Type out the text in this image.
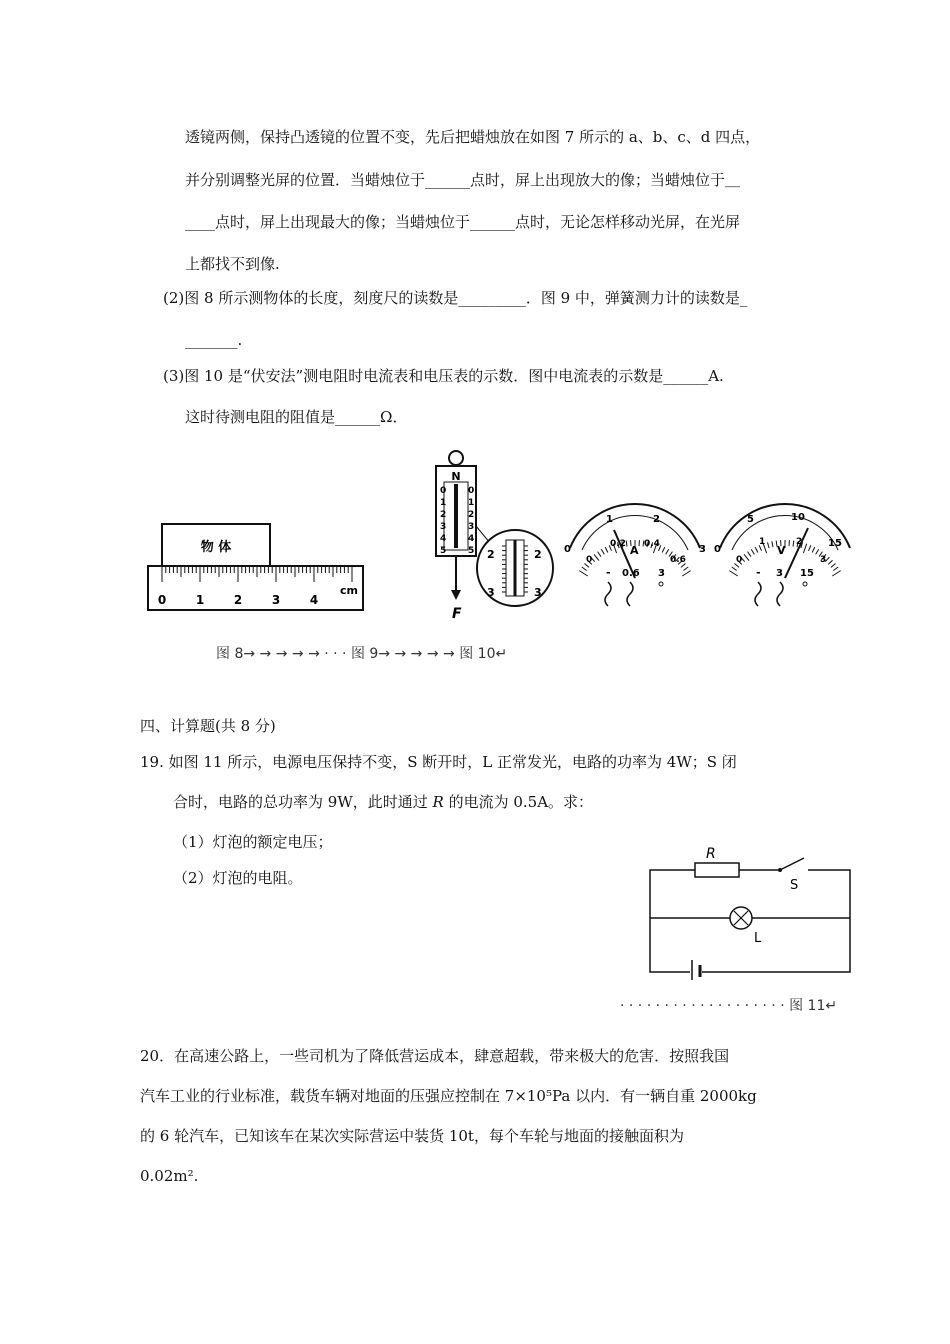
透镜两侧，保持凸透镜的位置不变，先后把蜡烛放在如图 7 所示的 a、b、c、d 四点，
并分别调整光屏的位置．当蜡烛位于______点时，屏上出现放大的像；当蜡烛位于＿
____点时，屏上出现最大的像；当蜡烛位于______点时，无论怎样移动光屏，在光屏
上都找不到像.
(2)图 8 所示测物体的长度，刻度尺的读数是_________．图 9 中，弹簧测力计的读数是_
_______.
(3)图 10 是“伏安法”测电阻时电流表和电压表的示数．图中电流表的示数是______A.
这时待测电阻的阻值是______Ω．
物 体
0 1 2 3 4
cm
N
0
1
2
3
4
5
0
1
2
3
4
5
F
2	2
3	3
0
1	2
3
0
0.2 0.4
0.6
A
- 0.6 3
0
5	10
15
0
1	2
3
V
- 3 15
图 8→ → → → → · · · 图 9→ → → → → 图 10↵
四、计算题(共 8 分)
19. 如图 11 所示，电源电压保持不变，S 断开时，L 正常发光，电路的功率为 4W；S 闭
合时，电路的总功率为 9W，此时通过 R 的电流为 0.5A。求：
（1）灯泡的额定电压；
（2）灯泡的电阻。
R
S
L
· · · · · · · · · · · · · · · · · · · 图 11↵
20．在高速公路上，一些司机为了降低营运成本，肆意超载，带来极大的危害．按照我国
汽车工业的行业标准，载货车辆对地面的压强应控制在 7×10⁵Pa 以内．有一辆自重 2000kg
的 6 轮汽车，已知该车在某次实际营运中装货 10t，每个车轮与地面的接触面积为
0.02m².
